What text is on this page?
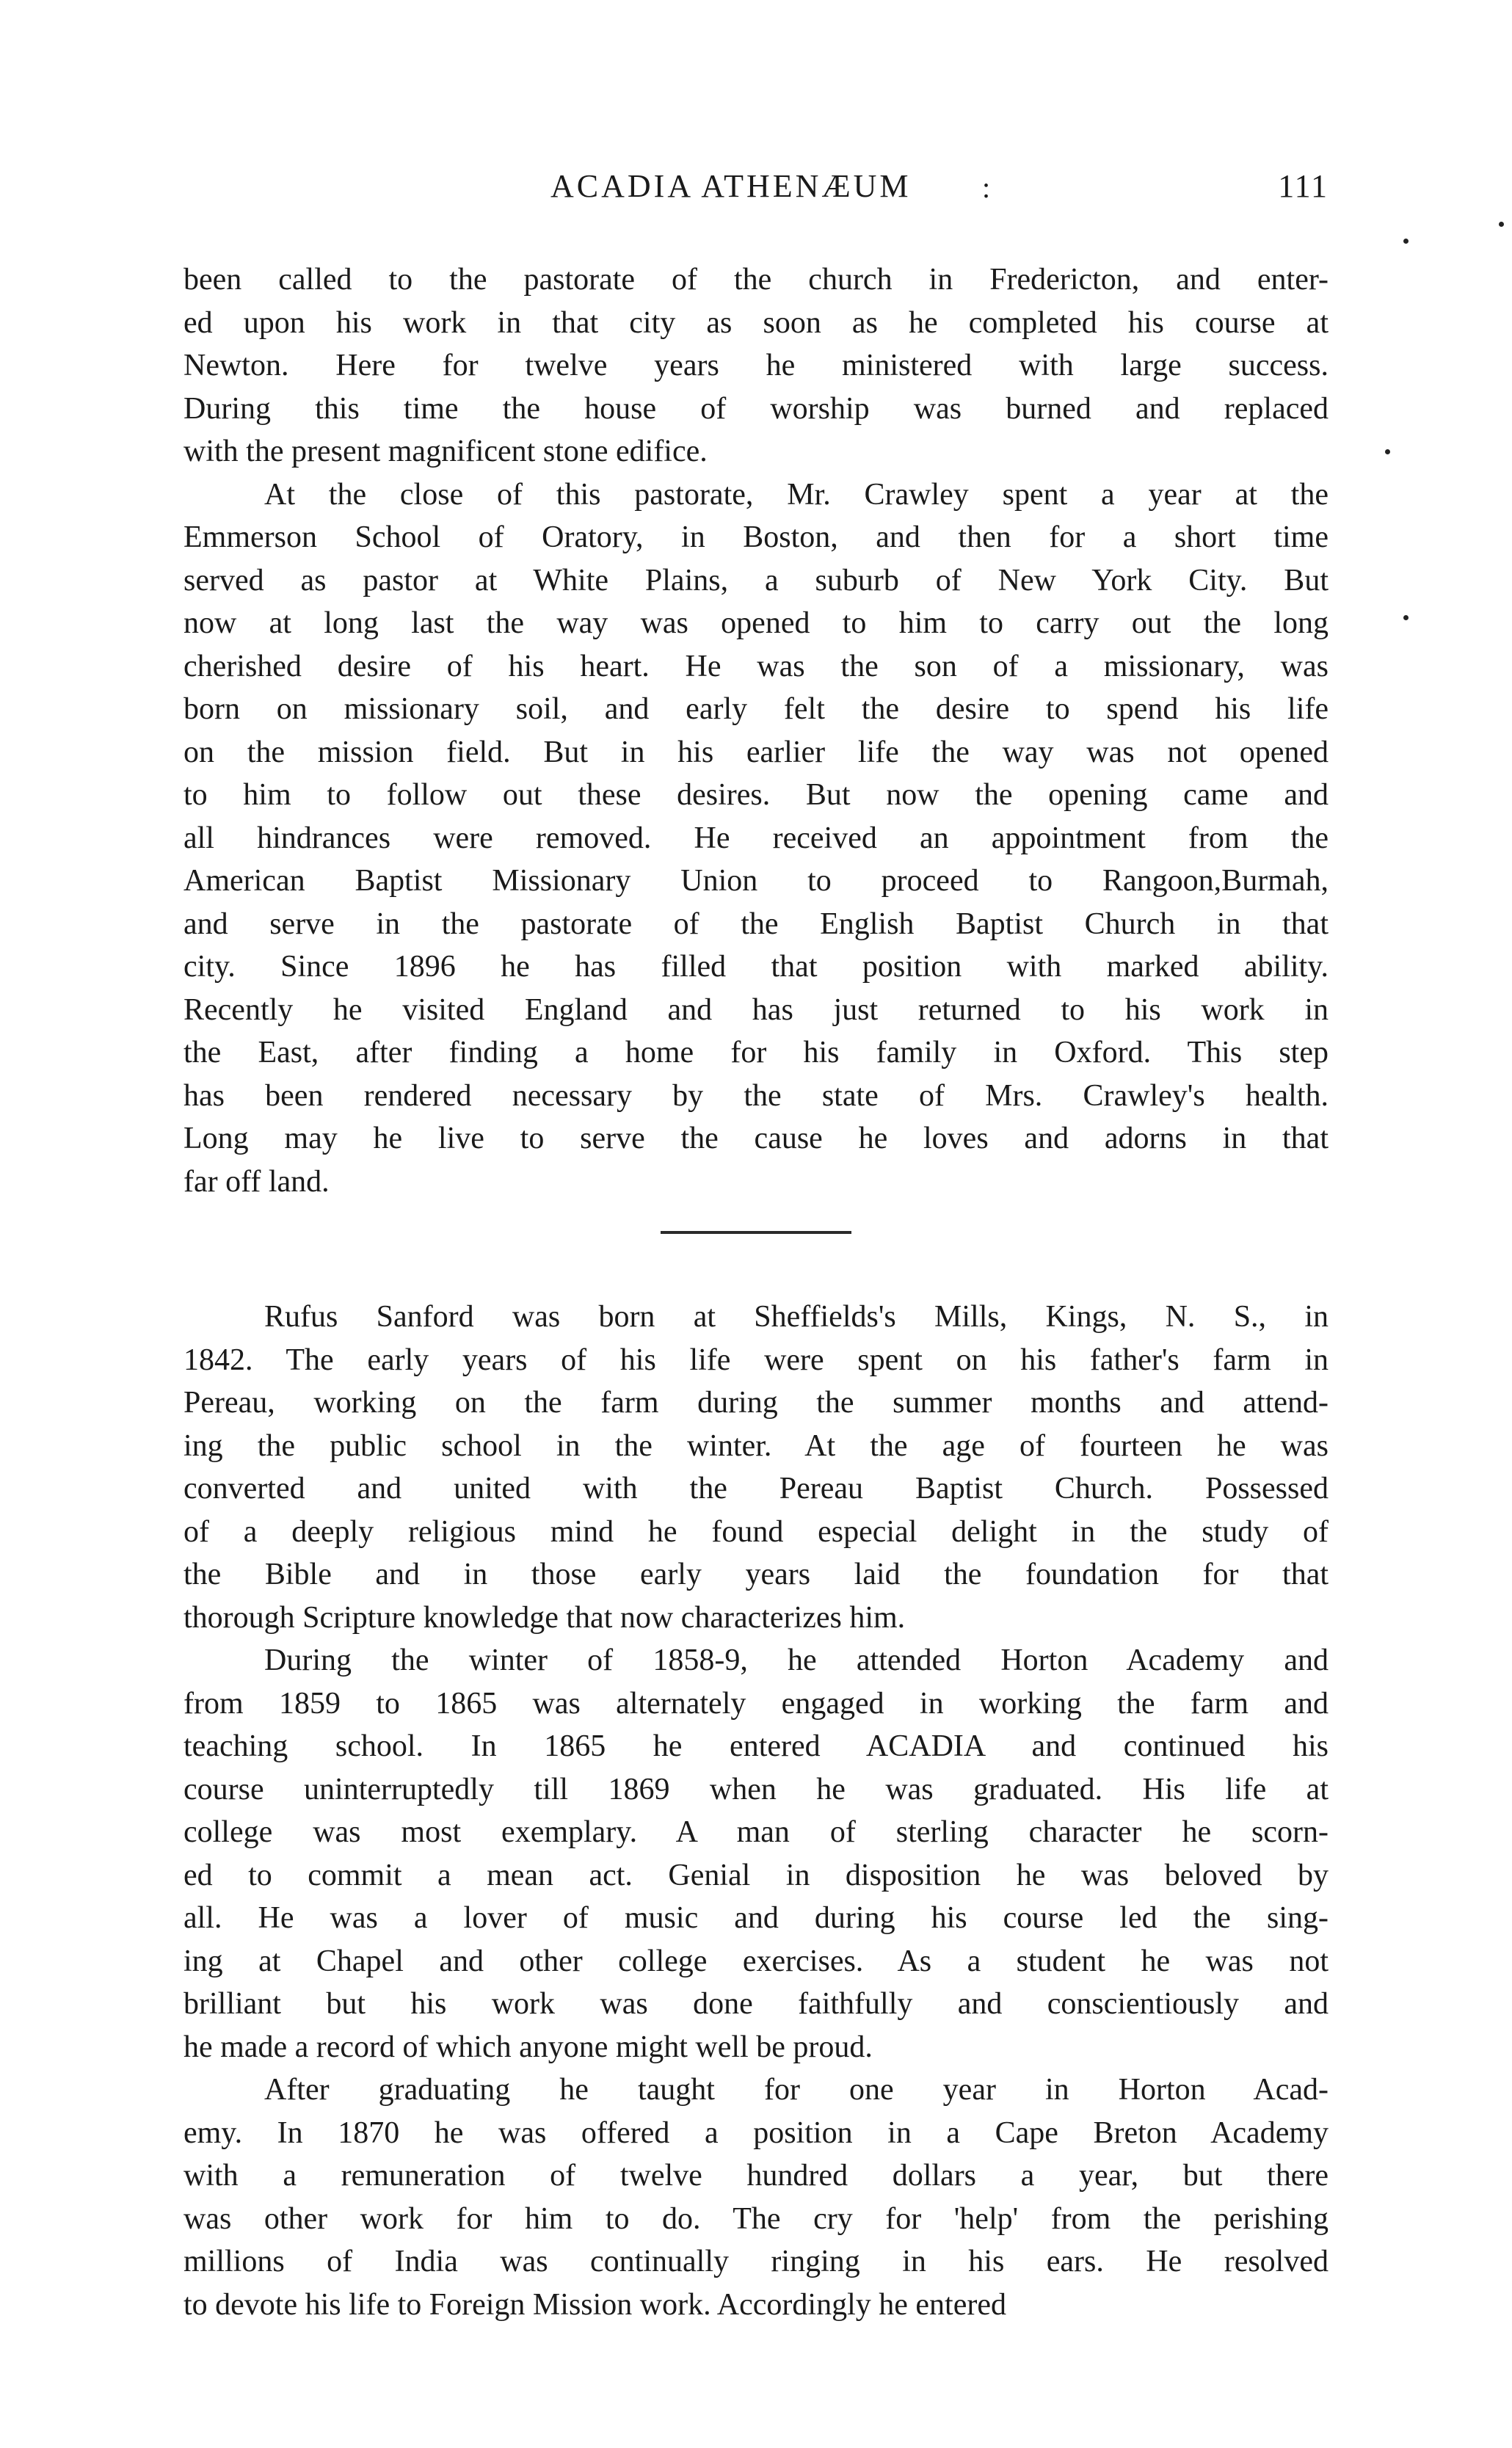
ACADIA ATHENÆUM :	111
been called to the pastorate of the church in Fredericton, and enter-
ed upon his work in that city as soon as he completed his course at
Newton. Here for twelve years he ministered with large success.
During this time the house of worship was burned and replaced
with the present magnificent stone edifice.
At the close of this pastorate, Mr. Crawley spent a year at the
Emmerson School of Oratory, in Boston, and then for a short time
served as pastor at White Plains, a suburb of New York City. But
now at long last the way was opened to him to carry out the long
cherished desire of his heart. He was the son of a missionary, was
born on missionary soil, and early felt the desire to spend his life
on the mission field. But in his earlier life the way was not opened
to him to follow out these desires. But now the opening came and
all hindrances were removed. He received an appointment from the
American Baptist Missionary Union to proceed to Rangoon,Burmah,
and serve in the pastorate of the English Baptist Church in that
city. Since 1896 he has filled that position with marked ability.
Recently he visited England and has just returned to his work in
the East, after finding a home for his family in Oxford. This step
has been rendered necessary by the state of Mrs. Crawley's health.
Long may he live to serve the cause he loves and adorns in that
far off land.
Rufus Sanford was born at Sheffields's Mills, Kings, N. S., in
1842. The early years of his life were spent on his father's farm in
Pereau, working on the farm during the summer months and attend-
ing the public school in the winter. At the age of fourteen he was
converted and united with the Pereau Baptist Church. Possessed
of a deeply religious mind he found especial delight in the study of
the Bible and in those early years laid the foundation for that
thorough Scripture knowledge that now characterizes him.
During the winter of 1858-9, he attended Horton Academy and
from 1859 to 1865 was alternately engaged in working the farm and
teaching school. In 1865 he entered ACADIA and continued his
course uninterruptedly till 1869 when he was graduated. His life at
college was most exemplary. A man of sterling character he scorn-
ed to commit a mean act. Genial in disposition he was beloved by
all. He was a lover of music and during his course led the sing-
ing at Chapel and other college exercises. As a student he was not
brilliant but his work was done faithfully and conscientiously and
he made a record of which anyone might well be proud.
After graduating he taught for one year in Horton Acad-
emy. In 1870 he was offered a position in a Cape Breton Academy
with a remuneration of twelve hundred dollars a year, but there
was other work for him to do. The cry for 'help' from the perishing
millions of India was continually ringing in his ears. He resolved
to devote his life to Foreign Mission work. Accordingly he entered
